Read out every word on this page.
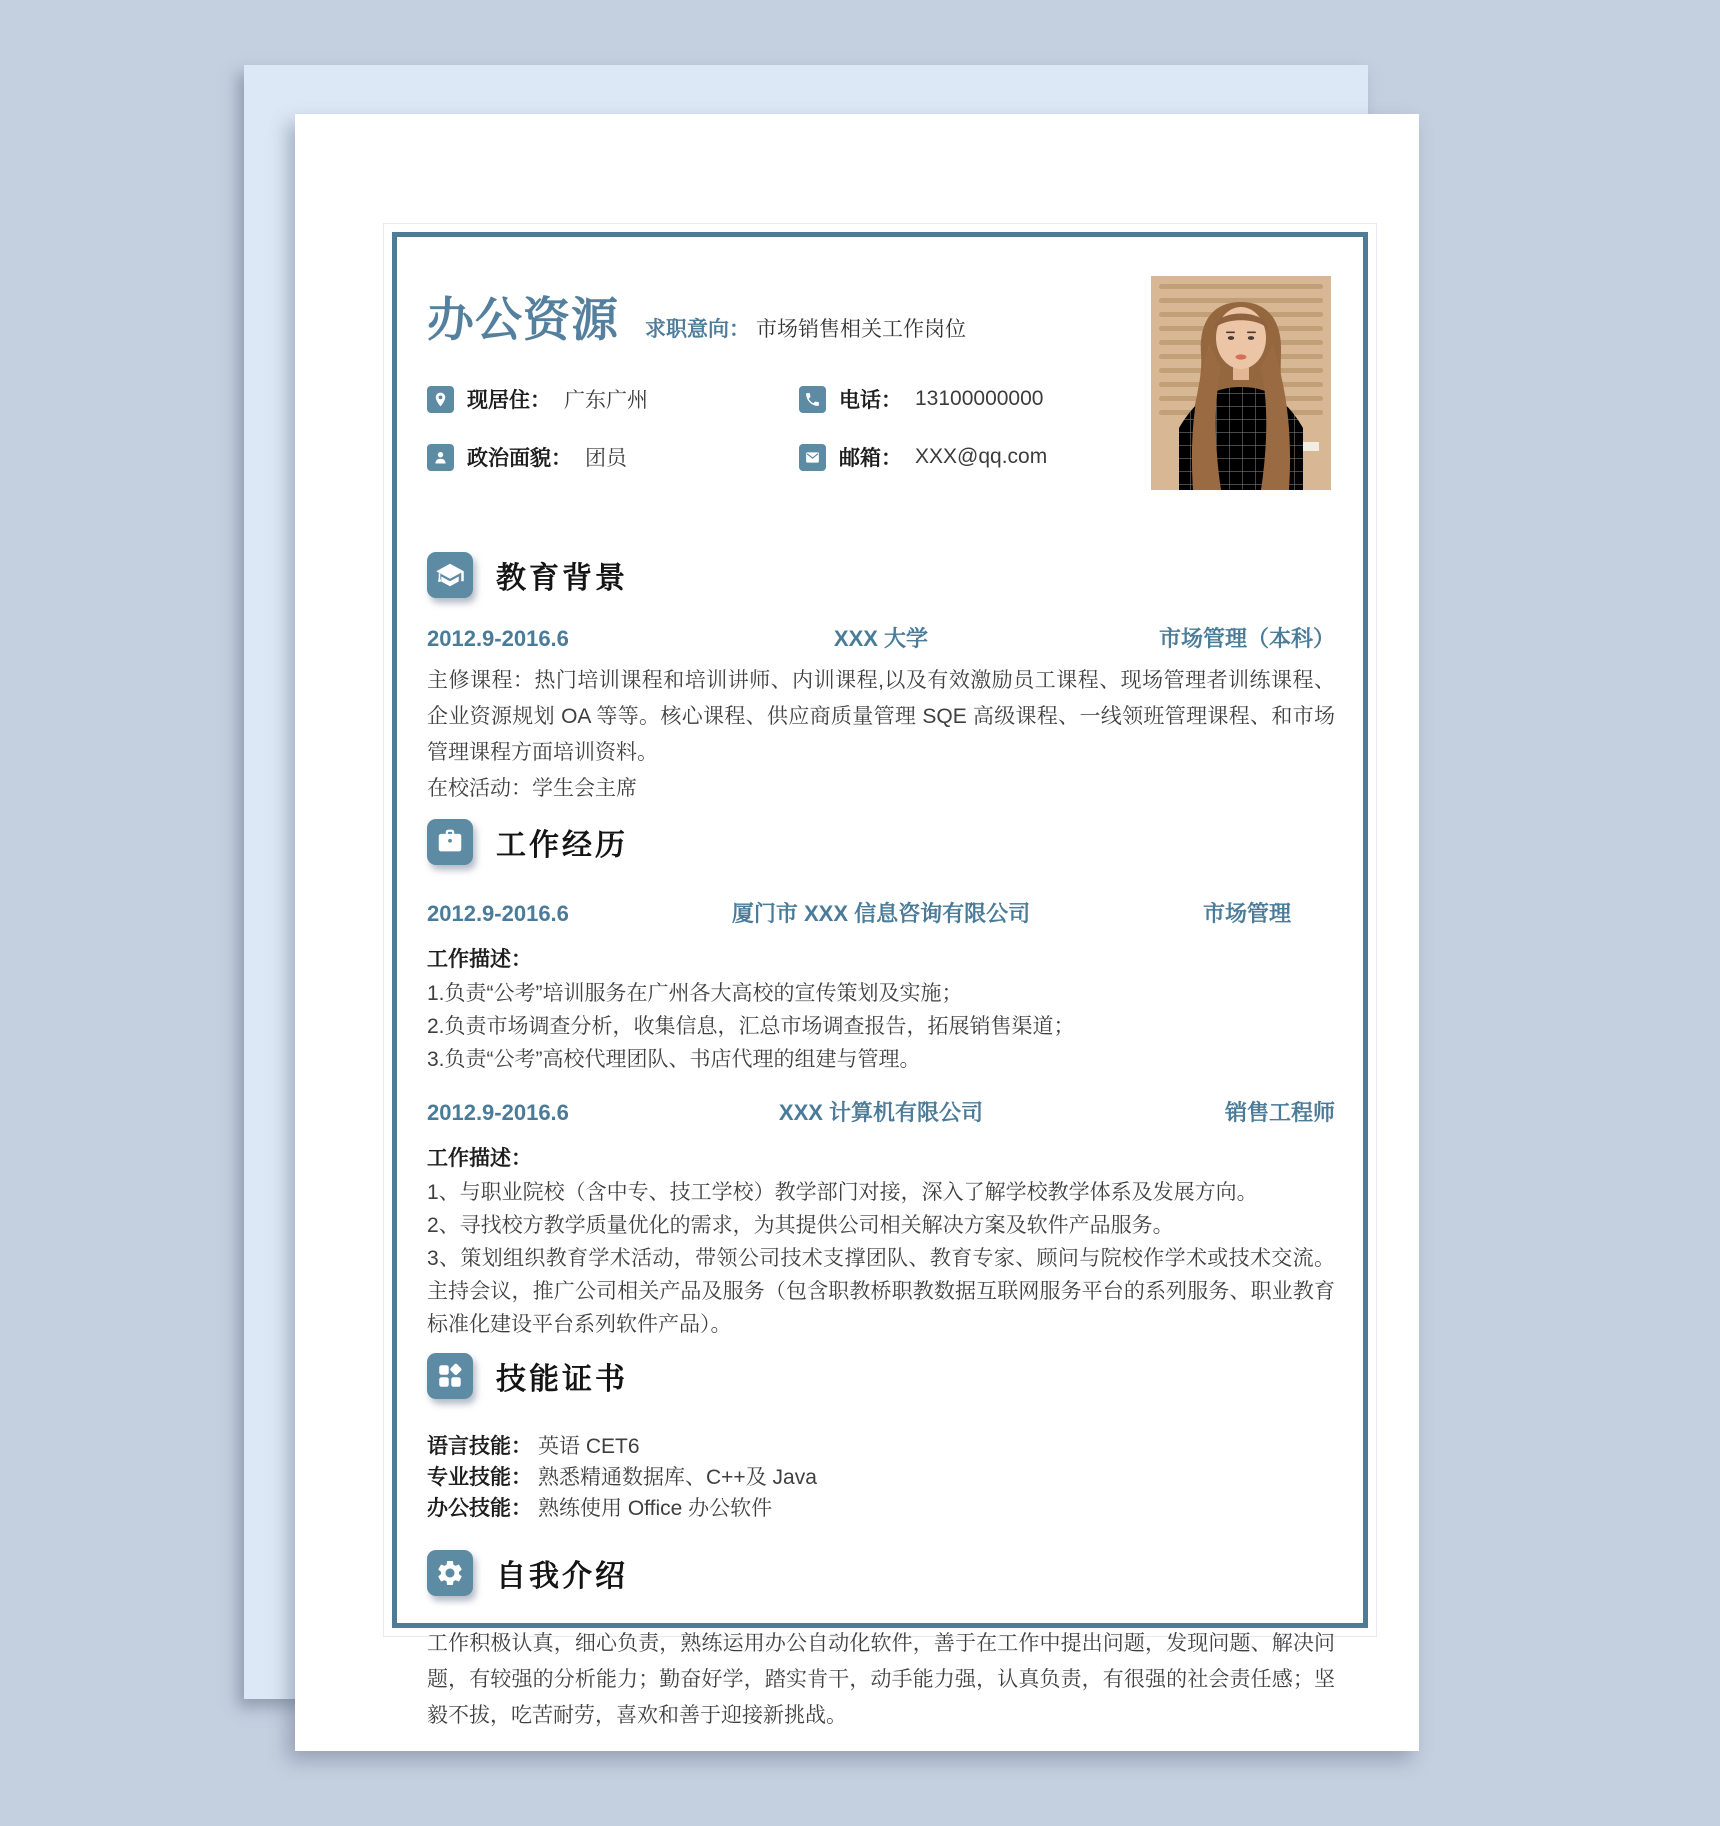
办公资源 求职意向： 市场销售相关工作岗位
现居住： 广东广州	电话： 13100000000
政治面貌： 团员	邮箱： XXX@qq.com
教育背景
2012.9-2016.6	XXX 大学	市场管理（本科）
主修课程：热门培训课程和培训讲师、内训课程,以及有效激励员工课程、现场管理者训练课程、企业资源规划 OA 等等。核心课程、供应商质量管理 SQE 高级课程、一线领班管理课程、和市场管理课程方面培训资料。
在校活动：学生会主席
工作经历
2012.9-2016.6	厦门市 XXX 信息咨询有限公司	市场管理
工作描述：
1.负责“公考”培训服务在广州各大高校的宣传策划及实施；
2.负责市场调查分析，收集信息，汇总市场调查报告，拓展销售渠道；
3.负责“公考”高校代理团队、书店代理的组建与管理。
2012.9-2016.6	XXX 计算机有限公司	销售工程师
工作描述：
1、与职业院校（含中专、技工学校）教学部门对接，深入了解学校教学体系及发展方向。
2、寻找校方教学质量优化的需求，为其提供公司相关解决方案及软件产品服务。
3、策划组织教育学术活动，带领公司技术支撑团队、教育专家、顾问与院校作学术或技术交流。主持会议，推广公司相关产品及服务（包含职教桥职教数据互联网服务平台的系列服务、职业教育标准化建设平台系列软件产品）。
技能证书
语言技能： 英语 CET6
专业技能： 熟悉精通数据库、C++及 Java
办公技能： 熟练使用 Office 办公软件
自我介绍
工作积极认真，细心负责，熟练运用办公自动化软件，善于在工作中提出问题，发现问题、解决问题，有较强的分析能力；勤奋好学，踏实肯干，动手能力强，认真负责，有很强的社会责任感；坚毅不拔，吃苦耐劳，喜欢和善于迎接新挑战。
